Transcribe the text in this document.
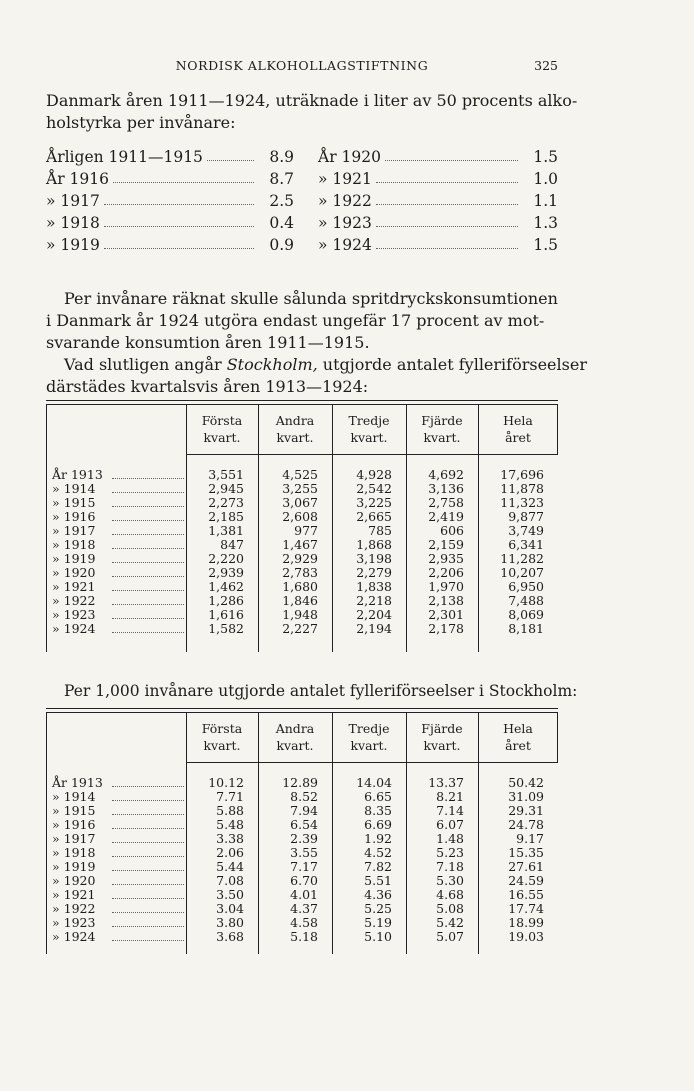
NORDISK ALKOHOLLAGSTIFTNING	325
Danmark åren 1911—1924, uträknade i liter av 50 procents alko-
holstyrka per invånare:
Årligen 1911—1915	8.9
År 1916	8.7
» 1917	2.5
» 1918	0.4
» 1919	0.9
År 1920	1.5
» 1921	1.0
» 1922	1.1
» 1923	1.3
» 1924	1.5
Per invånare räknat skulle sålunda spritdryckskonsumtionen
i Danmark år 1924 utgöra endast ungefär 17 procent av mot-
svarande konsumtion åren 1911—1915.
Vad slutligen angår Stockholm, utgjorde antalet fylleriförseelser
därstädes kvartalsvis åren 1913—1924:
Första
kvart.
Andra
kvart.
Tredje
kvart.
Fjärde
kvart.
Hela
året
År 1913	3,551	4,525	4,928	4,692	17,696
» 1914	2,945	3,255	2,542	3,136	11,878
» 1915	2,273	3,067	3,225	2,758	11,323
» 1916	2,185	2,608	2,665	2,419	9,877
» 1917	1,381	977	785	606	3,749
» 1918	847	1,467	1,868	2,159	6,341
» 1919	2,220	2,929	3,198	2,935	11,282
» 1920	2,939	2,783	2,279	2,206	10,207
» 1921	1,462	1,680	1,838	1,970	6,950
» 1922	1,286	1,846	2,218	2,138	7,488
» 1923	1,616	1,948	2,204	2,301	8,069
» 1924	1,582	2,227	2,194	2,178	8,181
Per 1,000 invånare utgjorde antalet fylleriförseelser i Stockholm:
Första
kvart.
Andra
kvart.
Tredje
kvart.
Fjärde
kvart.
Hela
året
År 1913	10.12	12.89	14.04	13.37	50.42
» 1914	7.71	8.52	6.65	8.21	31.09
» 1915	5.88	7.94	8.35	7.14	29.31
» 1916	5.48	6.54	6.69	6.07	24.78
» 1917	3.38	2.39	1.92	1.48	9.17
» 1918	2.06	3.55	4.52	5.23	15.35
» 1919	5.44	7.17	7.82	7.18	27.61
» 1920	7.08	6.70	5.51	5.30	24.59
» 1921	3.50	4.01	4.36	4.68	16.55
» 1922	3.04	4.37	5.25	5.08	17.74
» 1923	3.80	4.58	5.19	5.42	18.99
» 1924	3.68	5.18	5.10	5.07	19.03
